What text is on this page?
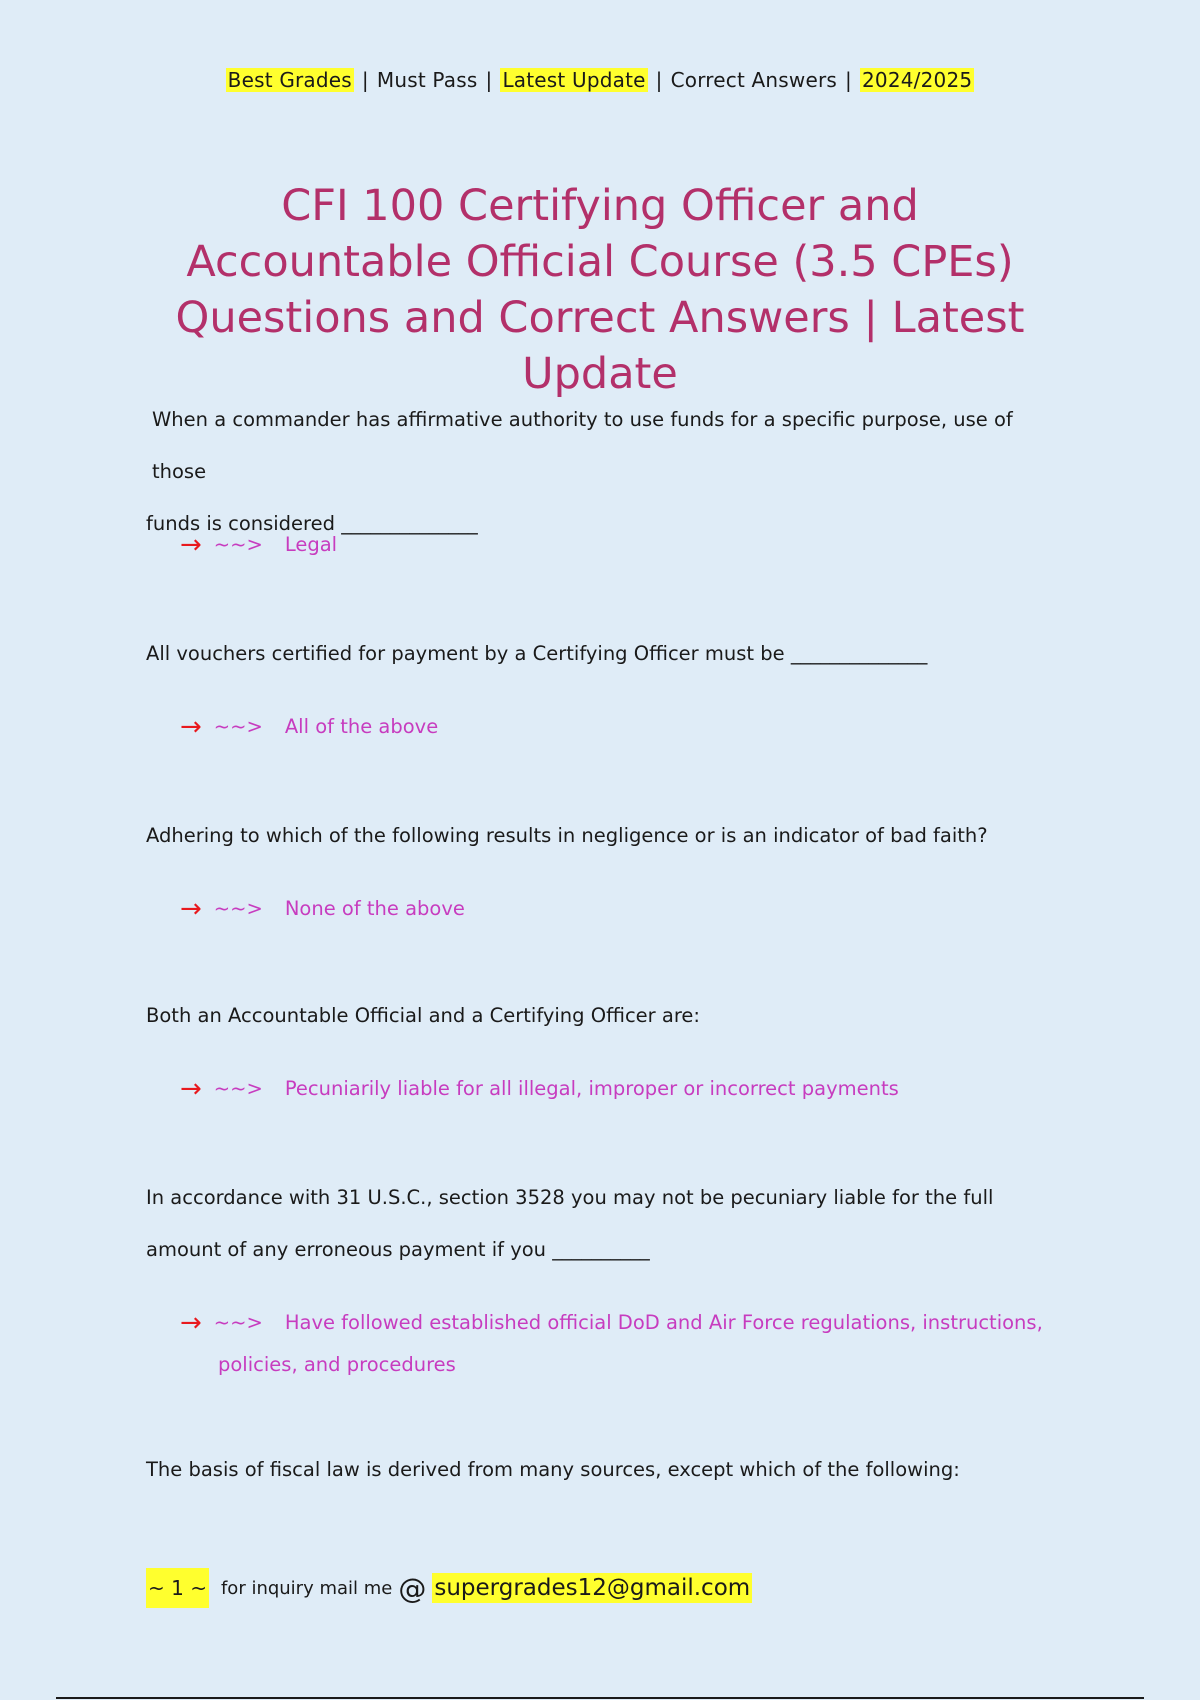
Best Grades | Must Pass | Latest Update | Correct Answers | 2024/2025
CFI 100 Certifying Officer and Accountable Official Course (3.5 CPEs) Questions and Correct Answers | Latest Update
When a commander has affirmative authority to use funds for a specific purpose, use of those
funds is considered ______________
→ ~~> Legal
All vouchers certified for payment by a Certifying Officer must be ______________
→ ~~> All of the above
Adhering to which of the following results in negligence or is an indicator of bad faith?
→ ~~> None of the above
Both an Accountable Official and a Certifying Officer are:
→ ~~> Pecuniarily liable for all illegal, improper or incorrect payments
In accordance with 31 U.S.C., section 3528 you may not be pecuniary liable for the full
amount of any erroneous payment if you __________
→ ~~> Have followed established official DoD and Air Force regulations, instructions,
policies, and procedures
The basis of fiscal law is derived from many sources, except which of the following:
~ 1 ~ for inquiry mail me @ supergrades12@gmail.com
